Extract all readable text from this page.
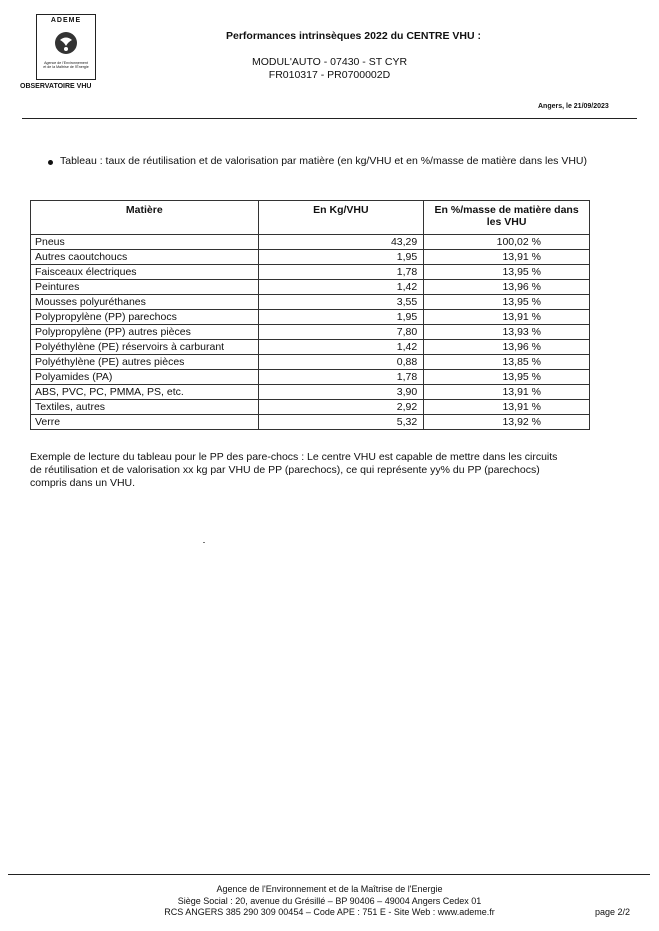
ADEME
Agence de l'Environnement
et de la Maîtrise de l'Énergie
OBSERVATOIRE VHU
Performances intrinsèques 2022 du CENTRE VHU :
MODUL'AUTO - 07430 - ST CYR
FR010317 - PR0700002D
Angers, le 21/09/2023
Tableau : taux de réutilisation et de valorisation par matière (en kg/VHU et en %/masse de matière dans les VHU)
Matière	En Kg/VHU	En %/masse de matière dans les VHU
Pneus	43,29	100,02 %
Autres caoutchoucs	1,95	13,91 %
Faisceaux électriques	1,78	13,95 %
Peintures	1,42	13,96 %
Mousses polyuréthanes	3,55	13,95 %
Polypropylène (PP) parechocs	1,95	13,91 %
Polypropylène (PP) autres pièces	7,80	13,93 %
Polyéthylène (PE) réservoirs à carburant	1,42	13,96 %
Polyéthylène (PE) autres pièces	0,88	13,85 %
Polyamides (PA)	1,78	13,95 %
ABS, PVC, PC, PMMA, PS, etc.	3,90	13,91 %
Textiles, autres	2,92	13,91 %
Verre	5,32	13,92 %
Exemple de lecture du tableau pour le PP des pare-chocs : Le centre VHU est capable de mettre dans les circuits
de réutilisation et de valorisation xx kg par VHU de PP (parechocs), ce qui représente yy% du PP (parechocs)
compris dans un VHU.
Agence de l'Environnement et de la Maîtrise de l'Energie
Siège Social : 20, avenue du Grésillé – BP 90406 – 49004 Angers Cedex 01
RCS ANGERS 385 290 309 00454 – Code APE : 751 E - Site Web : www.ademe.fr	page 2/2
